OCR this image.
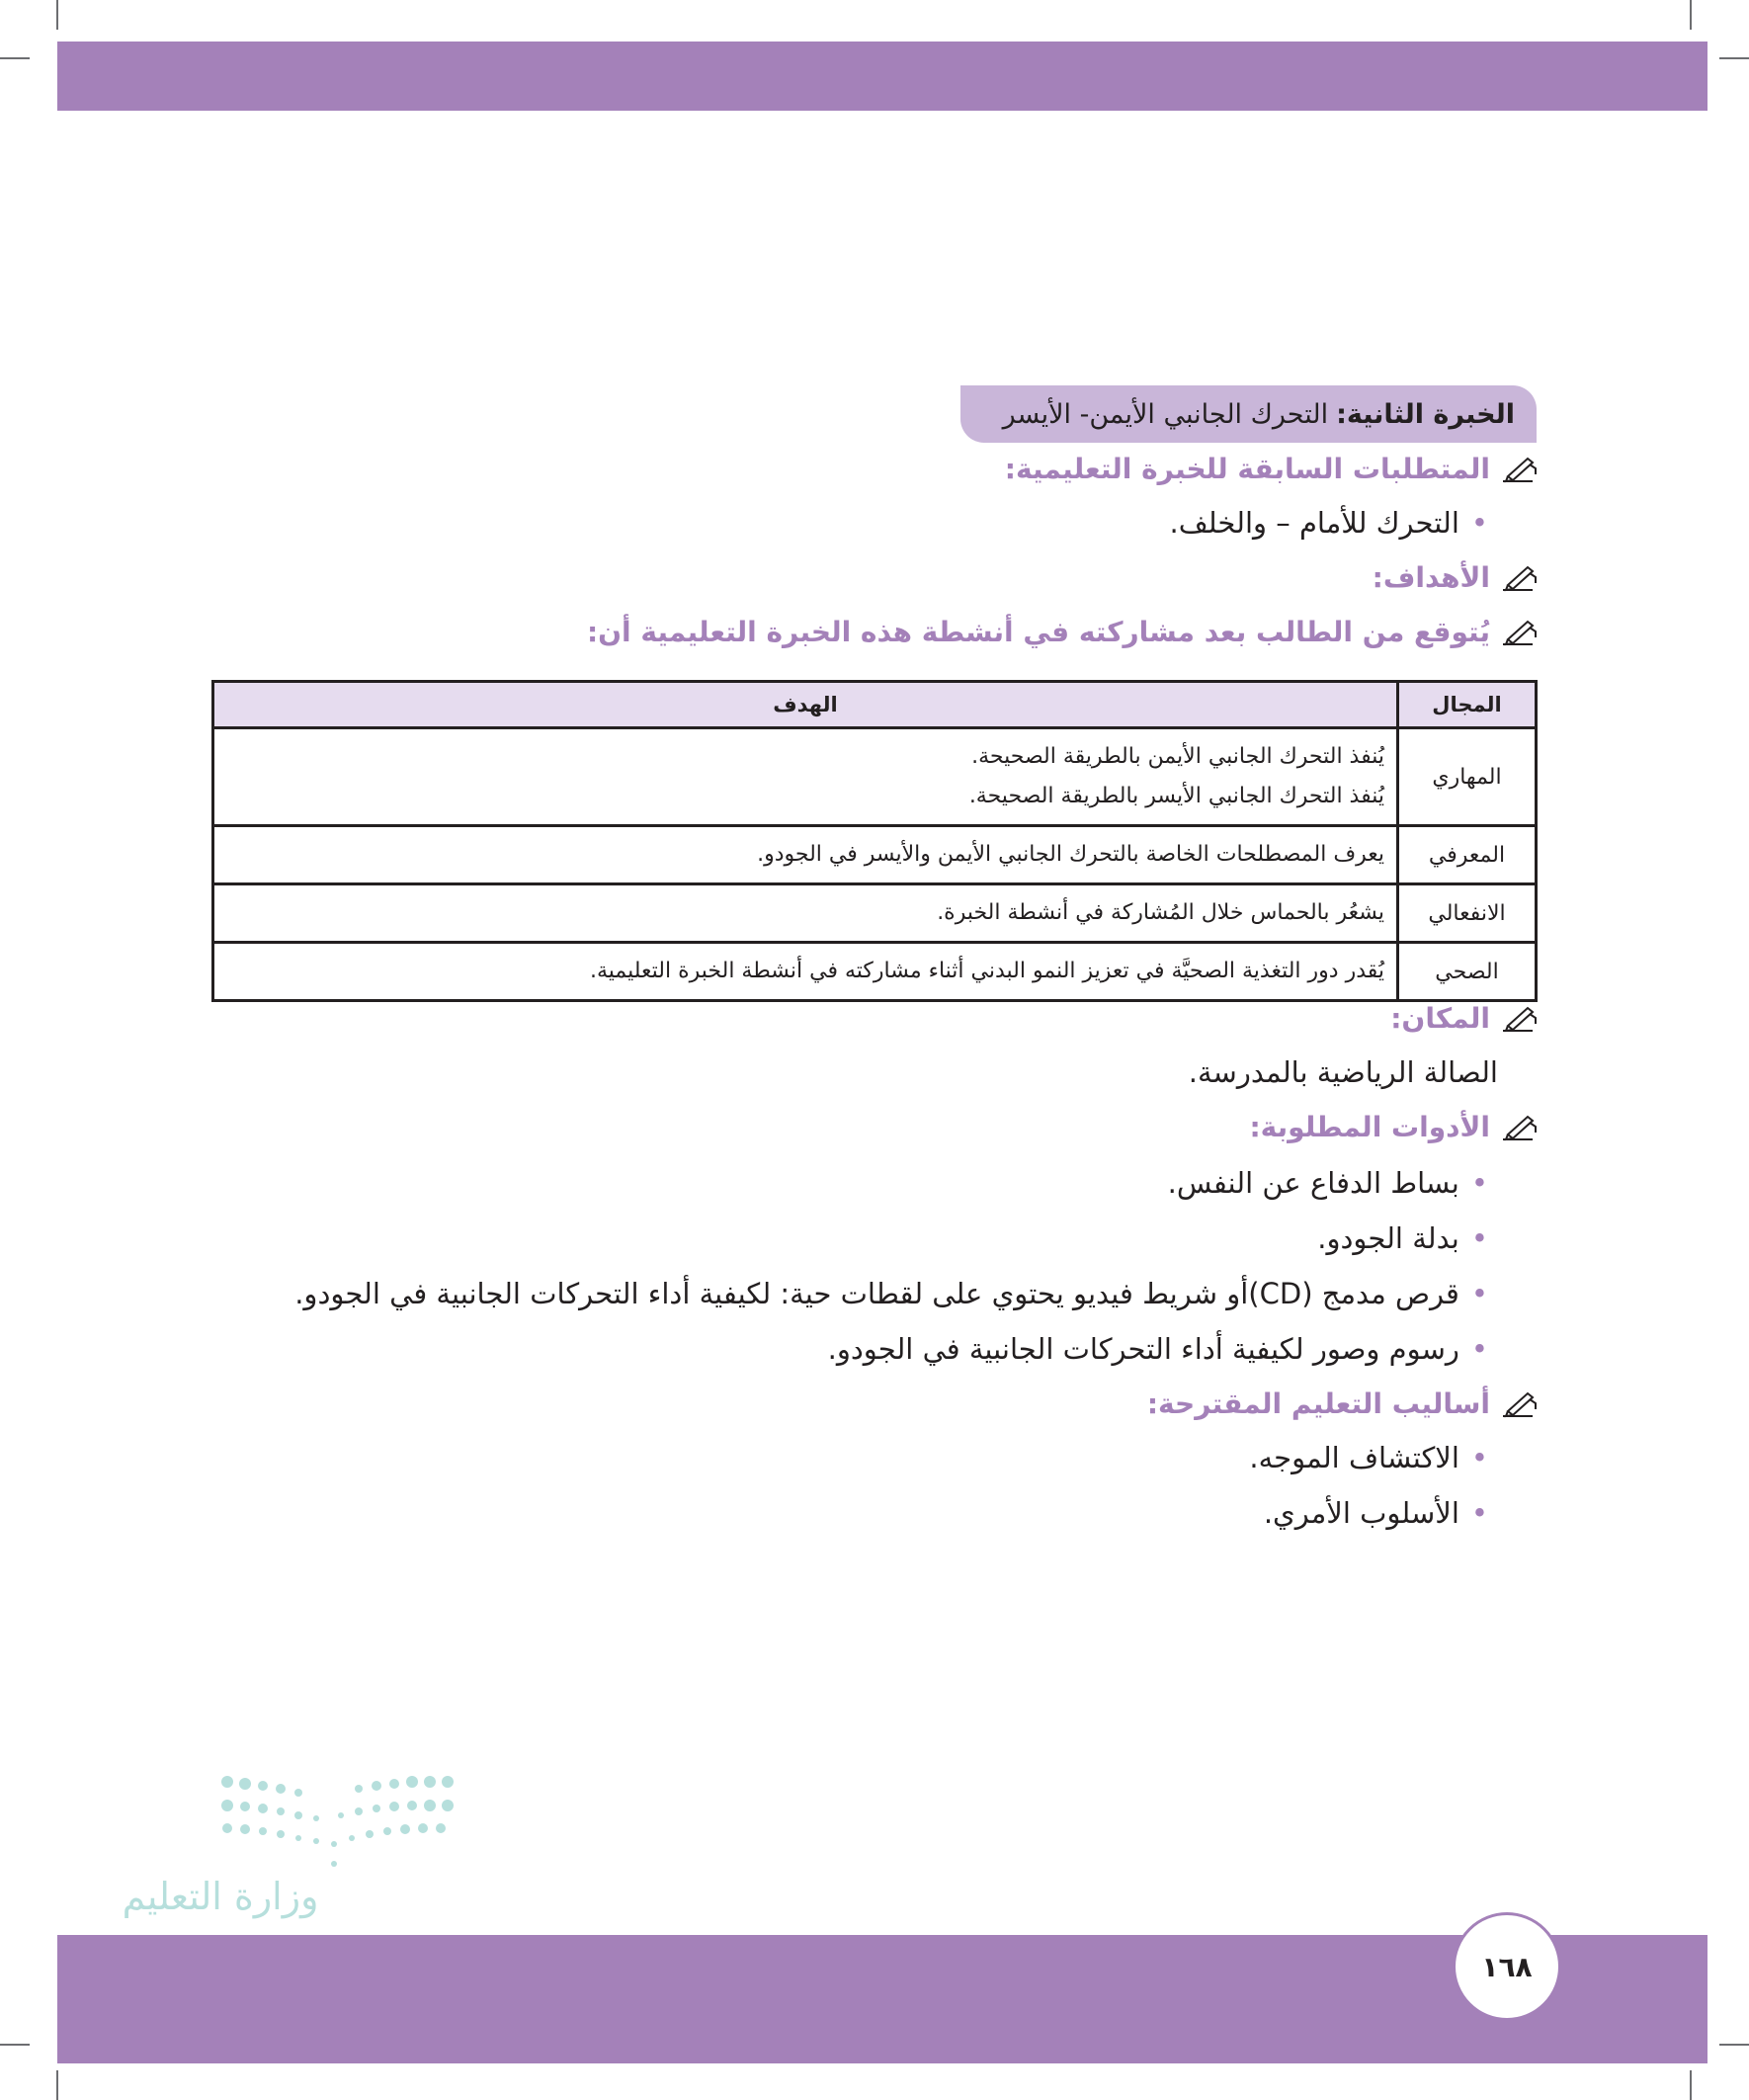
الخبرة الثانية:
التحرك الجانبي الأيمن- الأيسر
المتطلبات السابقة للخبرة التعليمية:
• التحرك للأمام – والخلف.
الأهداف:
يُتوقع من الطالب بعد مشاركته في أنشطة هذه الخبرة التعليمية أن:
المجال	الهدف
المهاري	يُنفذ التحرك الجانبي الأيمن بالطريقة الصحيحة.
يُنفذ التحرك الجانبي الأيسر بالطريقة الصحيحة.

المعرفي	يعرف المصطلحات الخاصة بالتحرك الجانبي الأيمن والأيسر في الجودو.

الانفعالي	يشعُر بالحماس خلال المُشاركة في أنشطة الخبرة.

الصحي	يُقدر دور التغذية الصحيَّة في تعزيز النمو البدني أثناء مشاركته في أنشطة الخبرة التعليمية.
المكان:
الصالة الرياضية بالمدرسة.
الأدوات المطلوبة:
• بساط الدفاع عن النفس.
• بدلة الجودو.
• قرص مدمج (CD)أو شريط فيديو يحتوي على لقطات حية: لكيفية أداء التحركات الجانبية في الجودو.
• رسوم وصور لكيفية أداء التحركات الجانبية في الجودو.
أساليب التعليم المقترحة:
• الاكتشاف الموجه.
• الأسلوب الأمري.
وزارة التعليم
١٦٨
